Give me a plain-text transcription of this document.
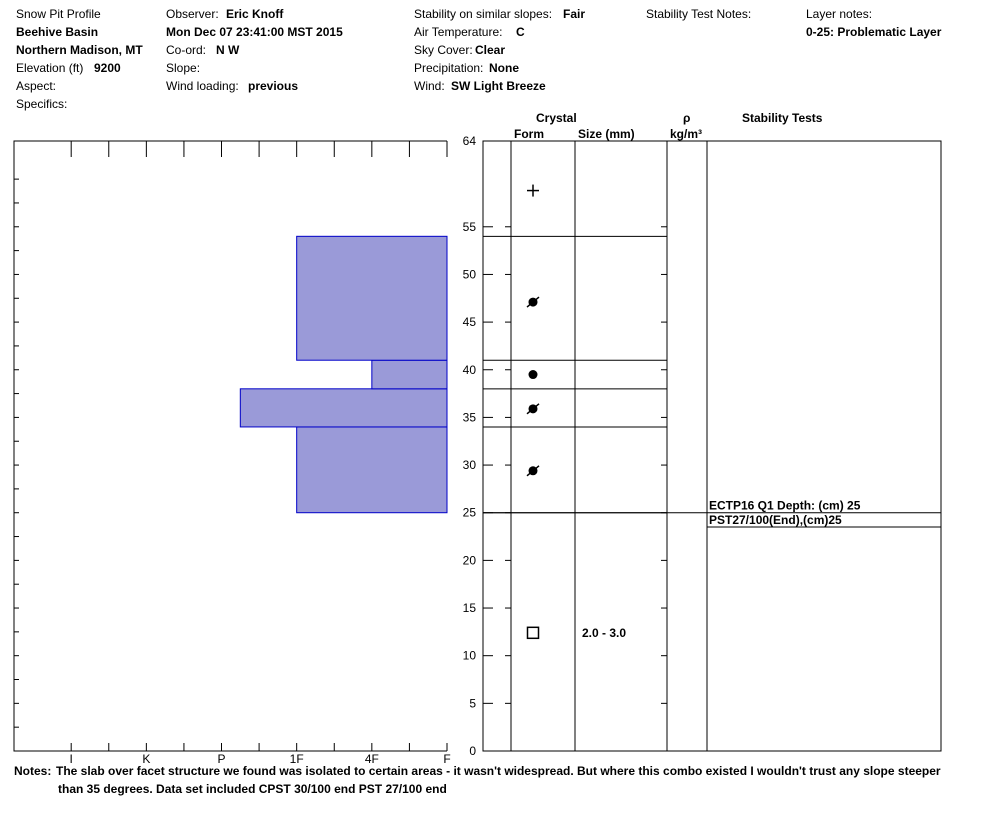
Snow Pit Profile
Beehive Basin
Northern Madison, MT
Elevation (ft) 9200
Aspect:
Specifics:
Observer: Eric Knoff
Mon Dec 07 23:41:00 MST 2015
Co-ord: N W
Slope:
Wind loading: previous
Stability on similar slopes: Fair
Air Temperature: C
Sky Cover: Clear
Precipitation: None
Wind: SW Light Breeze
Stability Test Notes:	Layer notes:
0-25: Problematic Layer
Crystal
Form	Size (mm)
ρ
kg/m³
Stability Tests
I	K	P	1F	4F	F
0
5
10
15
20
25
30
35
40
45
50
55
64
2.0 - 3.0
ECTP16 Q1 Depth: (cm) 25
PST27/100(End),(cm)25
Notes: The slab over facet structure we found was isolated to certain areas - it wasn't widespread. But where this combo existed I wouldn't trust any slope steeper
than 35 degrees. Data set included CPST 30/100 end PST 27/100 end
